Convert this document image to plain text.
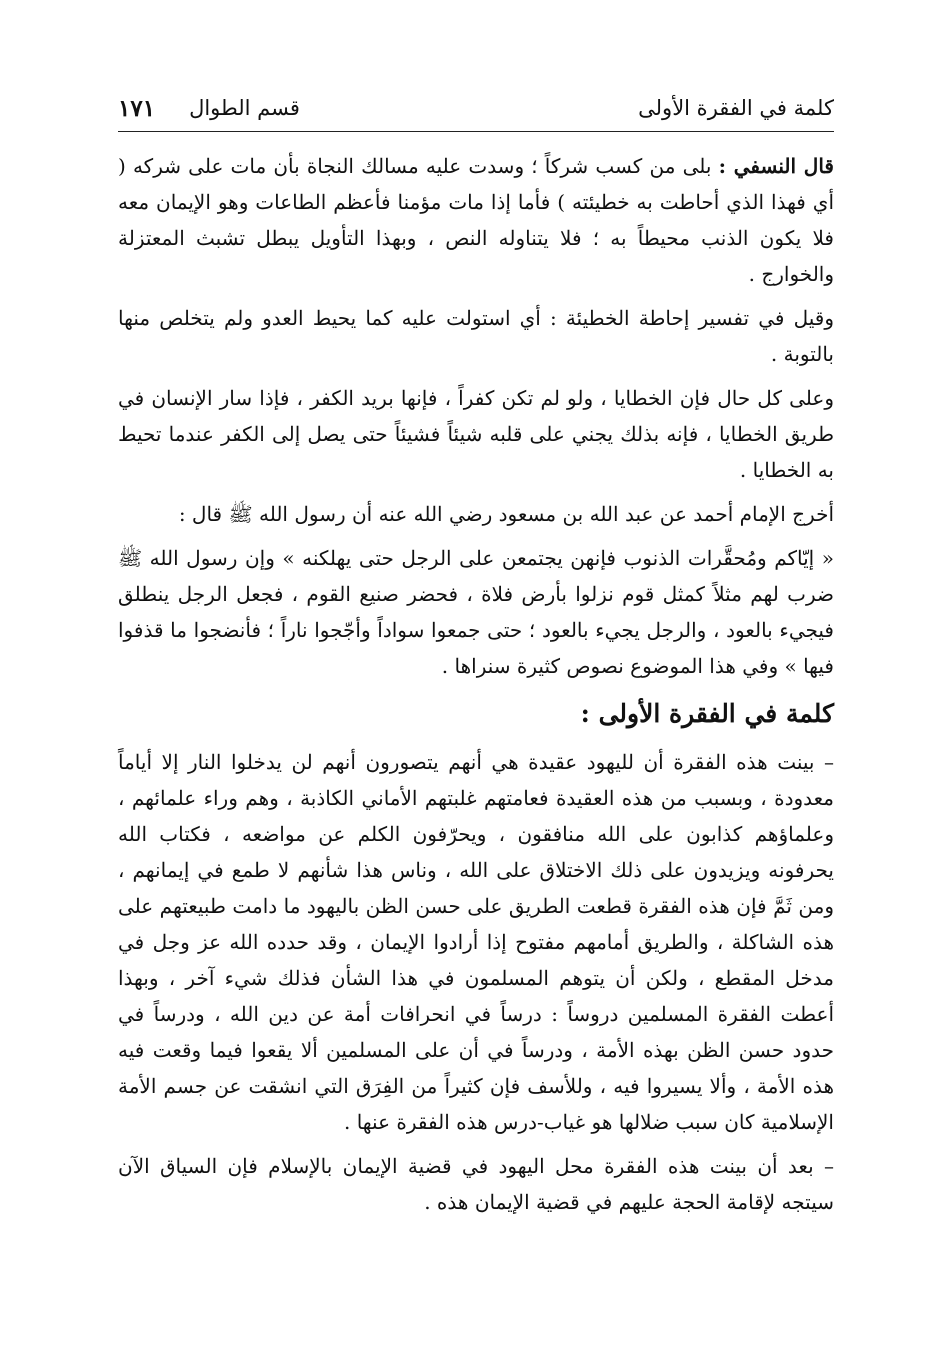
كلمة في الفقرة الأولى
قسم الطوال
١٧١

قال النسفي : بلى من كسب شركاً ؛ وسدت عليه مسالك النجاة بأن مات على شركه ( أي فهذا الذي أحاطت به خطيئته ) فأما إذا مات مؤمنا فأعظم الطاعات وهو الإيمان معه فلا يكون الذنب محيطاً به ؛ فلا يتناوله النص ، وبهذا التأويل يبطل تشبث المعتزلة والخوارج .

وقيل في تفسير إحاطة الخطيئة : أي استولت عليه كما يحيط العدو ولم يتخلص منها بالتوبة .

وعلى كل حال فإن الخطايا ، ولو لم تكن كفراً ، فإنها بريد الكفر ، فإذا سار الإنسان في طريق الخطايا ، فإنه بذلك يجني على قلبه شيئاً فشيئاً حتى يصل إلى الكفر عندما تحيط به الخطايا .

أخرج الإمام أحمد عن عبد الله بن مسعود رضي الله عنه أن رسول الله ﷺ قال :

« إيّاكم ومُحقَّرات الذنوب فإنهن يجتمعن على الرجل حتى يهلكنه » وإن رسول الله ﷺ ضرب لهم مثلاً كمثل قوم نزلوا بأرض فلاة ، فحضر صنيع القوم ، فجعل الرجل ينطلق فيجيء بالعود ، والرجل يجيء بالعود ؛ حتى جمعوا سواداً وأجّجوا ناراً ؛ فأنضجوا ما قذفوا فيها » وفي هذا الموضوع نصوص كثيرة سنراها .

كلمة في الفقرة الأولى :

– بينت هذه الفقرة أن لليهود عقيدة هي أنهم يتصورون أنهم لن يدخلوا النار إلا أياماً معدودة ، وبسبب من هذه العقيدة فعامتهم غلبتهم الأماني الكاذبة ، وهم وراء علمائهم ، وعلماؤهم كذابون على الله منافقون ، ويحرّفون الكلم عن مواضعه ، فكتاب الله يحرفونه ويزيدون على ذلك الاختلاق على الله ، وناس هذا شأنهم لا طمع في إيمانهم ، ومن ثَمَّ فإن هذه الفقرة قطعت الطريق على حسن الظن باليهود ما دامت طبيعتهم على هذه الشاكلة ، والطريق أمامهم مفتوح إذا أرادوا الإيمان ، وقد حدده الله عز وجل في مدخل المقطع ، ولكن أن يتوهم المسلمون في هذا الشأن فذلك شيء آخر ، وبهذا أعطت الفقرة المسلمين دروساً : درساً في انحرافات أمة عن دين الله ، ودرساً في حدود حسن الظن بهذه الأمة ، ودرساً في أن على المسلمين ألا يقعوا فيما وقعت فيه هذه الأمة ، وألا يسيروا فيه ، وللأسف فإن كثيراً من الفِرَق التي انشقت عن جسم الأمة الإسلامية كان سبب ضلالها هو غياب-درس هذه الفقرة عنها .

– بعد أن بينت هذه الفقرة محل اليهود في قضية الإيمان بالإسلام فإن السياق الآن سيتجه لإقامة الحجة عليهم في قضية الإيمان هذه .
